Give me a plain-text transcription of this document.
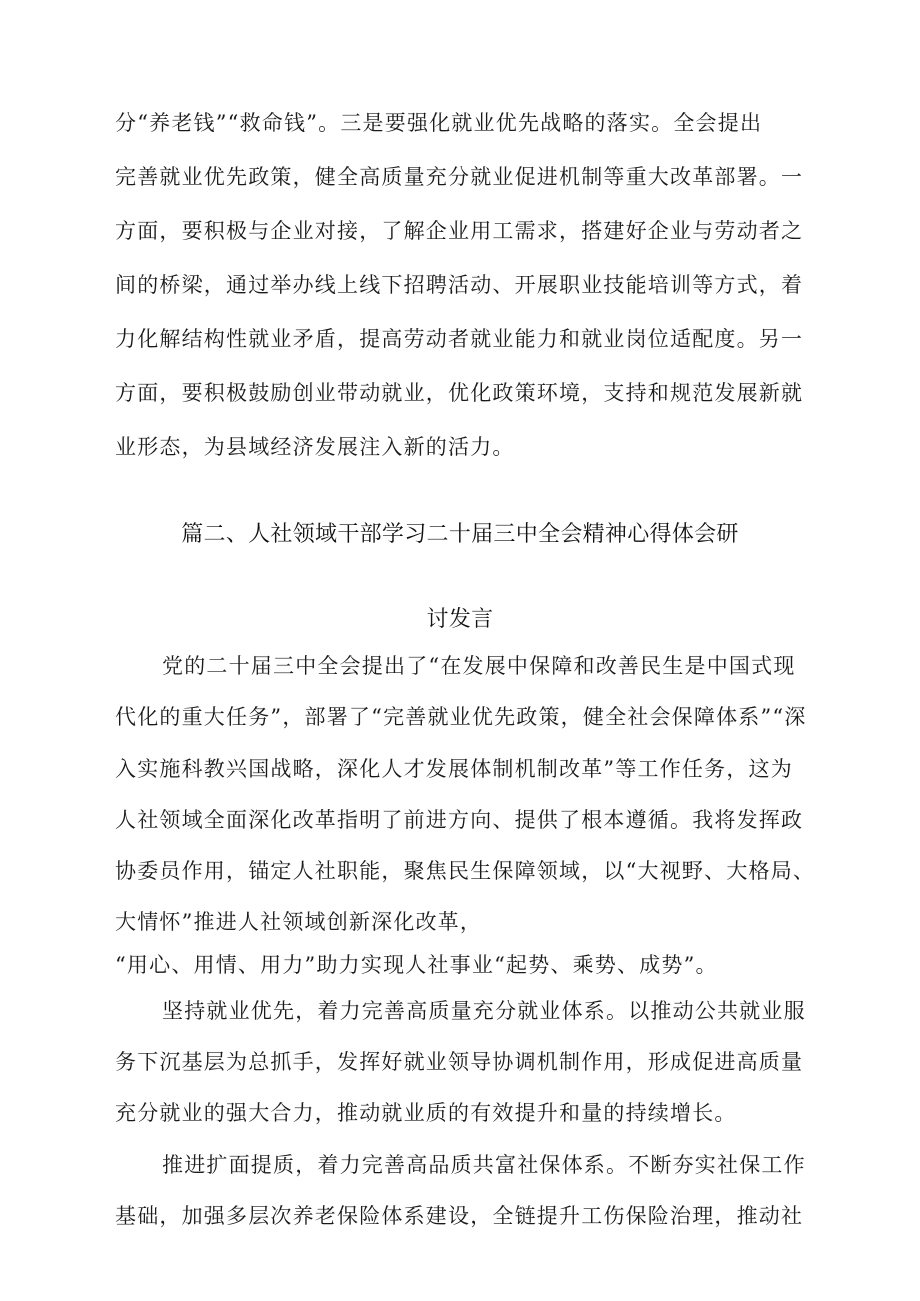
分“养老钱”“救命钱”。三是要强化就业优先战略的落实。全会提出
完善就业优先政策，健全高质量充分就业促进机制等重大改革部署。一
方面，要积极与企业对接，了解企业用工需求，搭建好企业与劳动者之
间的桥梁，通过举办线上线下招聘活动、开展职业技能培训等方式，着
力化解结构性就业矛盾，提高劳动者就业能力和就业岗位适配度。另一
方面，要积极鼓励创业带动就业，优化政策环境，支持和规范发展新就
业形态，为县域经济发展注入新的活力。
篇二、人社领域干部学习二十届三中全会精神心得体会研
讨发言
党的二十届三中全会提出了“在发展中保障和改善民生是中国式现
代化的重大任务”，部署了“完善就业优先政策，健全社会保障体系”“深
入实施科教兴国战略，深化人才发展体制机制改革”等工作任务，这为
人社领域全面深化改革指明了前进方向、提供了根本遵循。我将发挥政
协委员作用，锚定人社职能，聚焦民生保障领域，以“大视野、大格局、
大情怀”推进人社领域创新深化改革，
“用心、用情、用力”助力实现人社事业“起势、乘势、成势”。
坚持就业优先，着力完善高质量充分就业体系。以推动公共就业服
务下沉基层为总抓手，发挥好就业领导协调机制作用，形成促进高质量
充分就业的强大合力，推动就业质的有效提升和量的持续增长。
推进扩面提质，着力完善高品质共富社保体系。不断夯实社保工作
基础，加强多层次养老保险体系建设，全链提升工伤保险治理，推动社
